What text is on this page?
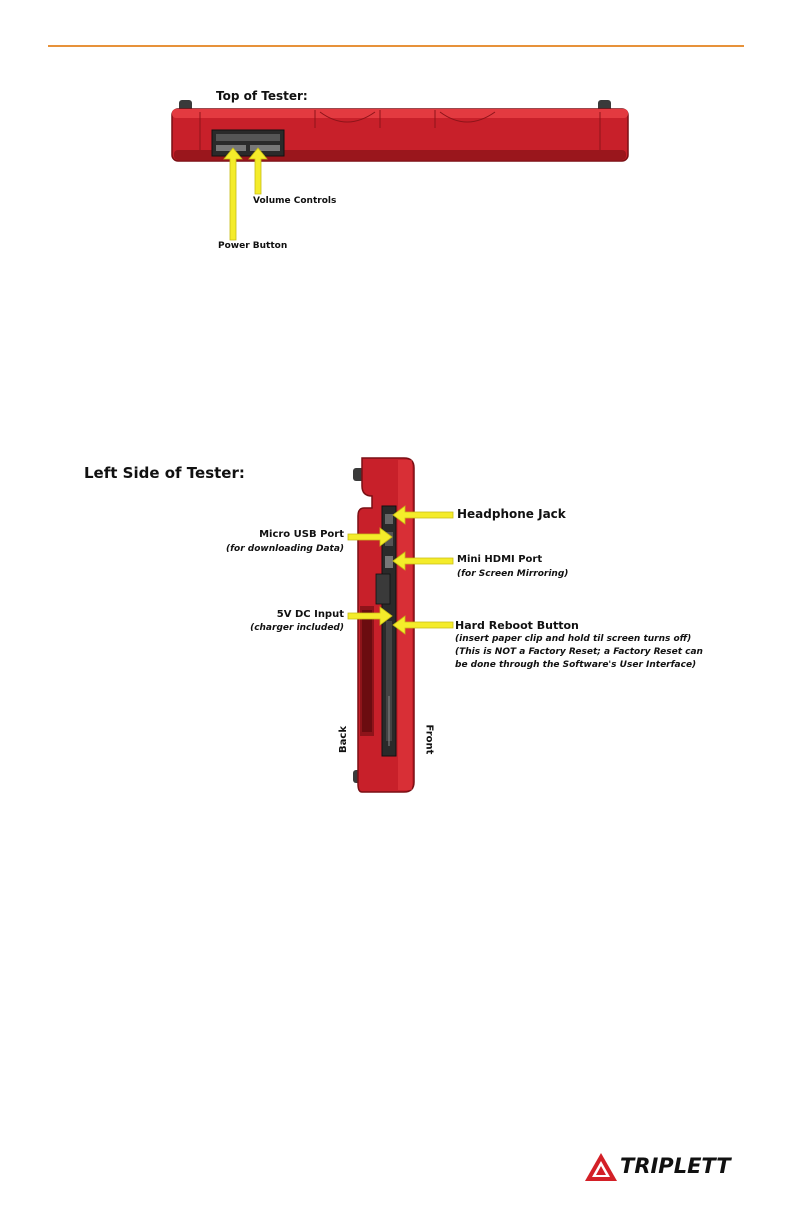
Top of Tester:
Volume Controls
Power Button
Left Side of Tester:
Headphone Jack
Mini HDMI Port
(for Screen Mirroring)
Hard Reboot Button
(insert paper clip and hold til screen turns off)
(This is NOT a Factory Reset; a Factory Reset can
be done through the Software's User Interface)
Micro USB Port
(for downloading Data)
5V DC Input
(charger included)
Back	Front
TRIPLETT
